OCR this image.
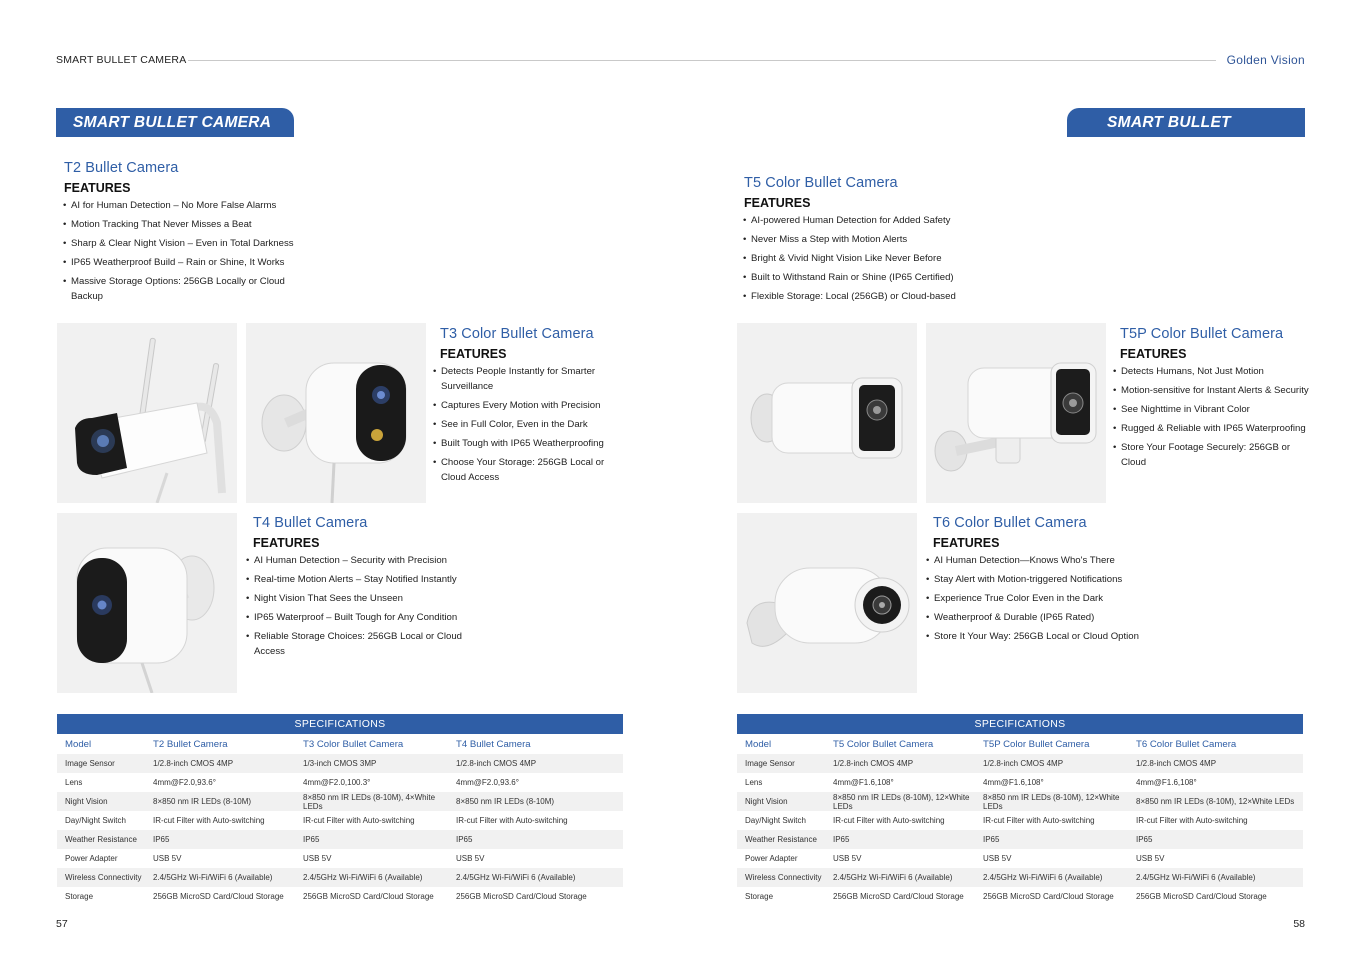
SMART BULLET CAMERA	Golden Vision
SMART BULLET CAMERA	SMART BULLET CAMERA
T2 Bullet Camera
FEATURES
• AI for Human Detection – No More False Alarms
• Motion Tracking That Never Misses a Beat
• Sharp & Clear Night Vision – Even in Total Darkness
• IP65 Weatherproof Build – Rain or Shine, It Works
• Massive Storage Options: 256GB Locally or Cloud Backup
T5 Color Bullet Camera
FEATURES
• AI-powered Human Detection for Added Safety
• Never Miss a Step with Motion Alerts
• Bright & Vivid Night Vision Like Never Before
• Built to Withstand Rain or Shine (IP65 Certified)
• Flexible Storage: Local (256GB) or Cloud-based
T3 Color Bullet Camera
FEATURES
• Detects People Instantly for Smarter Surveillance
• Captures Every Motion with Precision
• See in Full Color, Even in the Dark
• Built Tough with IP65 Weatherproofing
• Choose Your Storage: 256GB Local or Cloud Access
T5P Color Bullet Camera
FEATURES
• Detects Humans, Not Just Motion
• Motion-sensitive for Instant Alerts & Security
• See Nighttime in Vibrant Color
• Rugged & Reliable with IP65 Waterproofing
• Store Your Footage Securely: 256GB or Cloud
T4 Bullet Camera
FEATURES
• AI Human Detection – Security with Precision
• Real-time Motion Alerts – Stay Notified Instantly
• Night Vision That Sees the Unseen
• IP65 Waterproof – Built Tough for Any Condition
• Reliable Storage Choices: 256GB Local or Cloud Access
T6 Color Bullet Camera
FEATURES
• AI Human Detection—Knows Who's There
• Stay Alert with Motion-triggered Notifications
• Experience True Color Even in the Dark
• Weatherproof & Durable (IP65 Rated)
• Store It Your Way: 256GB Local or Cloud Option
SPECIFICATIONS
Model	T2 Bullet Camera	T3 Color Bullet Camera	T4 Bullet Camera
Image Sensor	1/2.8-inch CMOS 4MP	1/3-inch CMOS 3MP	1/2.8-inch CMOS 4MP
Lens	4mm@F2.0,93.6°	4mm@F2.0,100.3°	4mm@F2.0,93.6°
Night Vision	8×850 nm IR LEDs (8-10M)	8×850 nm IR LEDs (8-10M), 4×White LEDs	8×850 nm IR LEDs (8-10M)
Day/Night Switch	IR-cut Filter with Auto-switching	IR-cut Filter with Auto-switching	IR-cut Filter with Auto-switching
Weather Resistance	IP65	IP65	IP65
Power Adapter	USB 5V	USB 5V	USB 5V
Wireless Connectivity	2.4/5GHz Wi-Fi/WiFi 6 (Available)	2.4/5GHz Wi-Fi/WiFi 6 (Available)	2.4/5GHz Wi-Fi/WiFi 6 (Available)
Storage	256GB MicroSD Card/Cloud Storage	256GB MicroSD Card/Cloud Storage	256GB MicroSD Card/Cloud Storage
SPECIFICATIONS
Model	T5 Color Bullet Camera	T5P Color Bullet Camera	T6 Color Bullet Camera
Image Sensor	1/2.8-inch CMOS 4MP	1/2.8-inch CMOS 4MP	1/2.8-inch CMOS 4MP
Lens	4mm@F1.6,108°	4mm@F1.6,108°	4mm@F1.6,108°
Night Vision	8×850 nm IR LEDs (8-10M), 12×White LEDs	8×850 nm IR LEDs (8-10M), 12×White LEDs	8×850 nm IR LEDs (8-10M), 12×White LEDs
Day/Night Switch	IR-cut Filter with Auto-switching	IR-cut Filter with Auto-switching	IR-cut Filter with Auto-switching
Weather Resistance	IP65	IP65	IP65
Power Adapter	USB 5V	USB 5V	USB 5V
Wireless Connectivity	2.4/5GHz Wi-Fi/WiFi 6 (Available)	2.4/5GHz Wi-Fi/WiFi 6 (Available)	2.4/5GHz Wi-Fi/WiFi 6 (Available)
Storage	256GB MicroSD Card/Cloud Storage	256GB MicroSD Card/Cloud Storage	256GB MicroSD Card/Cloud Storage
57	58
